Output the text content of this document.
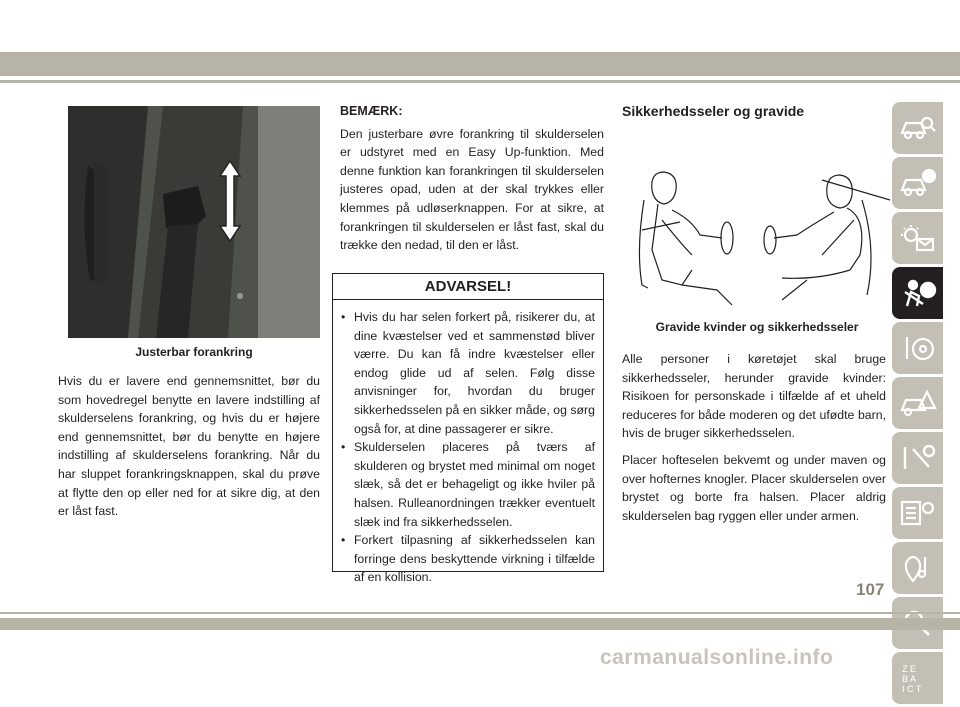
Justerbar forankring

Hvis du er lavere end gennemsnittet, bør du som hovedregel benytte en lavere indstilling af skulderselens forankring, og hvis du er højere end gennemsnittet, bør du benytte en højere indstilling af skulderselens forankring. Når du har sluppet forankringsknappen, skal du prøve at flytte den op eller ned for at sikre dig, at den er låst fast.

BEMÆRK:

Den justerbare øvre forankring til skulderselen er udstyret med en Easy Up-funktion. Med denne funktion kan forankringen til skulderselen justeres opad, uden at der skal trykkes eller klemmes på udløserknappen. For at sikre, at forankringen til skulderselen er låst fast, skal du trække den nedad, til den er låst.

ADVARSEL!
• Hvis du har selen forkert på, risikerer du, at dine kvæstelser ved et sammenstød bliver værre. Du kan få indre kvæstelser eller endog glide ud af selen. Følg disse anvisninger for, hvordan du bruger sikkerhedsselen på en sikker måde, og sørg også for, at dine passagerer er sikre.
• Skulderselen placeres på tværs af skulderen og brystet med minimal om noget slæk, så det er behageligt og ikke hviler på halsen. Rulleanordningen trækker eventuelt slæk ind fra sikkerhedsselen.
• Forkert tilpasning af sikkerhedsselen kan forringe dens beskyttende virkning i tilfælde af en kollision.
Sikkerhedsseler og gravide
Gravide kvinder og sikkerhedsseler

Alle personer i køretøjet skal bruge sikkerhedsseler, herunder gravide kvinder: Risikoen for personskade i tilfælde af et uheld reduceres for både moderen og det ufødte barn, hvis de bruger sikkerhedsselen.

Placer hofteselen bekvemt og under maven og over hofternes knogler. Placer skulderselen over brystet og borte fra halsen. Placer aldrig skulderselen bag ryggen eller under armen.

Z E
B A
I C T
107
carmanualsonline.info
